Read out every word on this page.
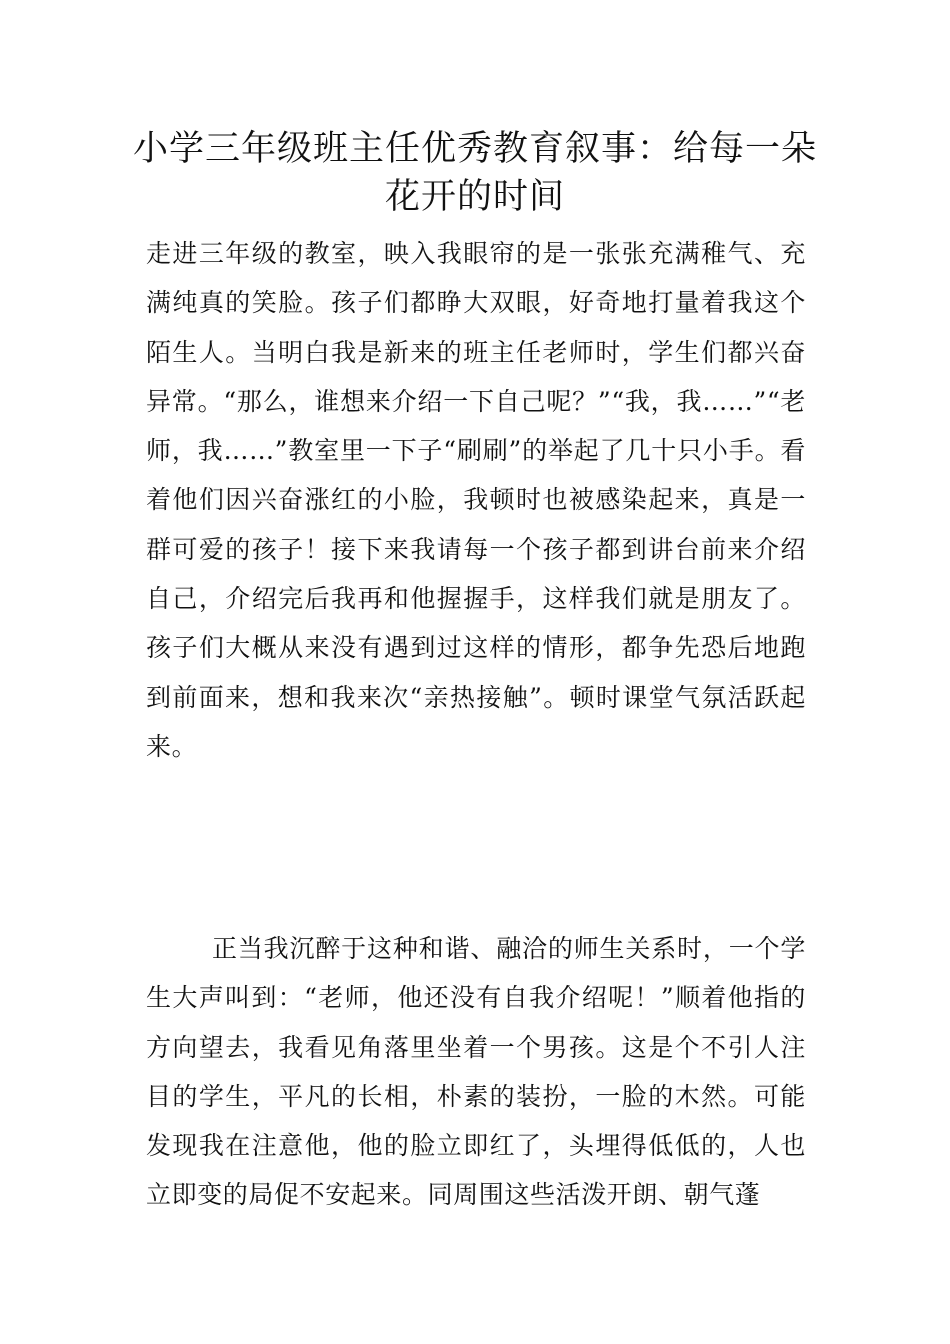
小学三年级班主任优秀教育叙事：给每一朵花开的时间

走进三年级的教室，映入我眼帘的是一张张充满稚气、充满纯真的笑脸。孩子们都睁大双眼，好奇地打量着我这个陌生人。当明白我是新来的班主任老师时，学生们都兴奋异常。“那么，谁想来介绍一下自己呢？”“我，我……”“老师，我……”教室里一下子“刷刷”的举起了几十只小手。看着他们因兴奋涨红的小脸，我顿时也被感染起来，真是一群可爱的孩子！接下来我请每一个孩子都到讲台前来介绍自己，介绍完后我再和他握握手，这样我们就是朋友了。孩子们大概从来没有遇到过这样的情形，都争先恐后地跑到前面来，想和我来次“亲热接触”。顿时课堂气氛活跃起来。

正当我沉醉于这种和谐、融洽的师生关系时，一个学生大声叫到：“老师，他还没有自我介绍呢！”顺着他指的方向望去，我看见角落里坐着一个男孩。这是个不引人注目的学生，平凡的长相，朴素的装扮，一脸的木然。可能发现我在注意他，他的脸立即红了，头埋得低低的，人也立即变的局促不安起来。同周围这些活泼开朗、朝气蓬
